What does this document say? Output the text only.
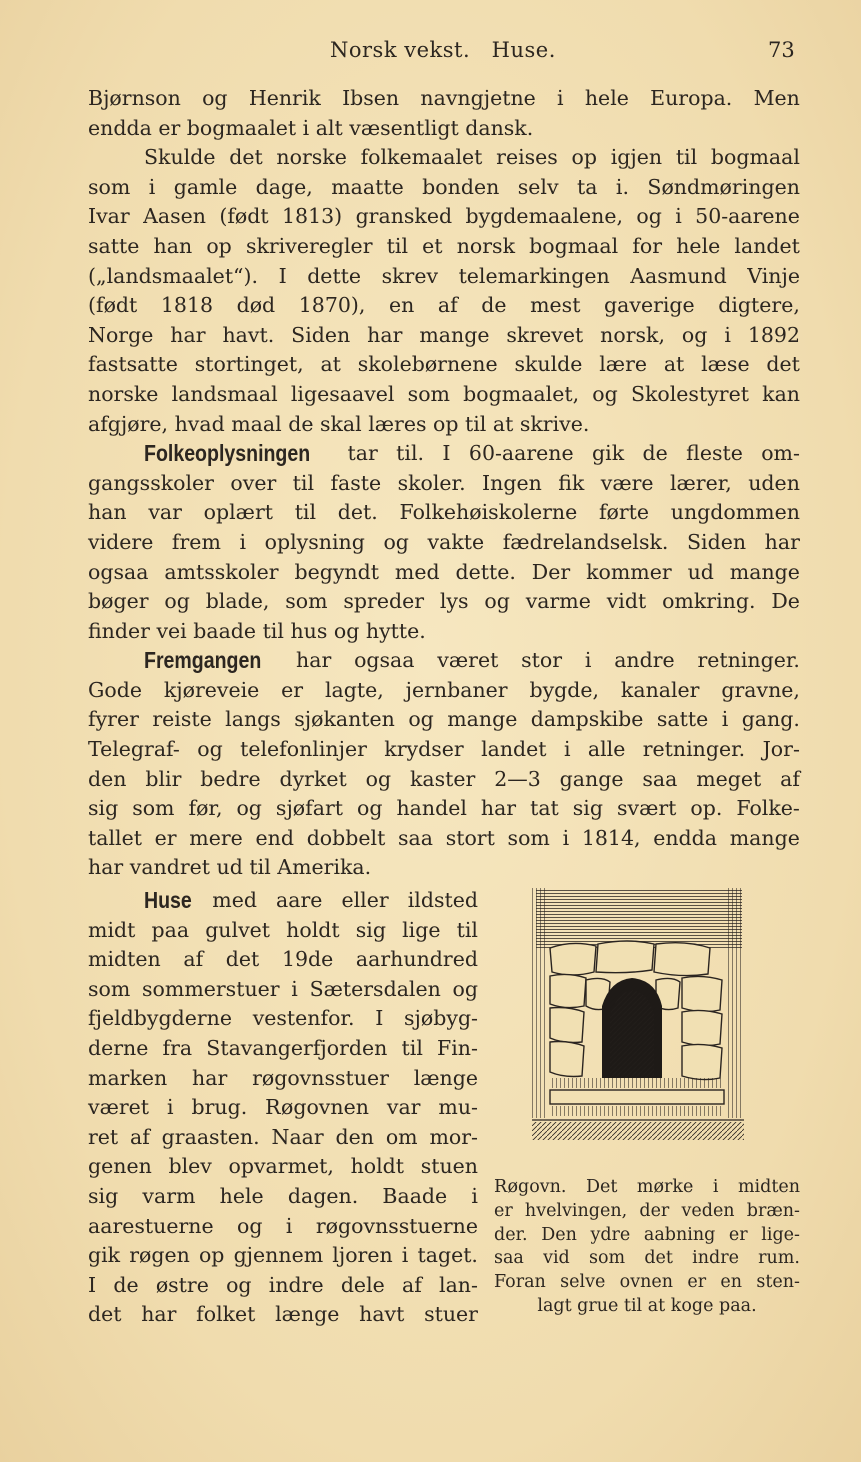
Norsk vekst.   Huse.	73
Bjørnson og Henrik Ibsen navngjetne i hele Europa. Men
endda er bogmaalet i alt væsentligt dansk.
Skulde det norske folkemaalet reises op igjen til bogmaal
som i gamle dage, maatte bonden selv ta i. Søndmøringen
Ivar Aasen (født 1813) gransked bygdemaalene, og i 50-aarene
satte han op skriveregler til et norsk bogmaal for hele landet
(„landsmaalet“). I dette skrev telemarkingen Aasmund Vinje
(født 1818 død 1870), en af de mest gaverige digtere,
Norge har havt. Siden har mange skrevet norsk, og i 1892
fastsatte stortinget, at skolebørnene skulde lære at læse det
norske landsmaal ligesaavel som bogmaalet, og Skolestyret kan
afgjøre, hvad maal de skal læres op til at skrive.
Folkeoplysningen tar til. I 60-aarene gik de fleste om-
gangsskoler over til faste skoler. Ingen fik være lærer, uden
han var oplært til det. Folkehøiskolerne førte ungdommen
videre frem i oplysning og vakte fædrelandselsk. Siden har
ogsaa amtsskoler begyndt med dette. Der kommer ud mange
bøger og blade, som spreder lys og varme vidt omkring. De
finder vei baade til hus og hytte.
Fremgangen har ogsaa været stor i andre retninger.
Gode kjøreveie er lagte, jernbaner bygde, kanaler gravne,
fyrer reiste langs sjøkanten og mange dampskibe satte i gang.
Telegraf- og telefonlinjer krydser landet i alle retninger. Jor-
den blir bedre dyrket og kaster 2—3 gange saa meget af
sig som før, og sjøfart og handel har tat sig svært op. Folke-
tallet er mere end dobbelt saa stort som i 1814, endda mange
har vandret ud til Amerika.
Huse med aare eller ildsted
midt paa gulvet holdt sig lige til
midten af det 19de aarhundred
som sommerstuer i Sætersdalen og
fjeldbygderne vestenfor. I sjøbyg-
derne fra Stavangerfjorden til Fin-
marken har røgovnsstuer længe
været i brug. Røgovnen var mu-
ret af graasten. Naar den om mor-
genen blev opvarmet, holdt stuen
sig varm hele dagen. Baade i
aarestuerne og i røgovnsstuerne
gik røgen op gjennem ljoren i taget.
I de østre og indre dele af lan-
det har folket længe havt stuer
Røgovn. Det mørke i midten
er hvelvingen, der veden bræn-
der. Den ydre aabning er lige-
saa vid som det indre rum.
Foran selve ovnen er en sten-
lagt grue til at koge paa.
